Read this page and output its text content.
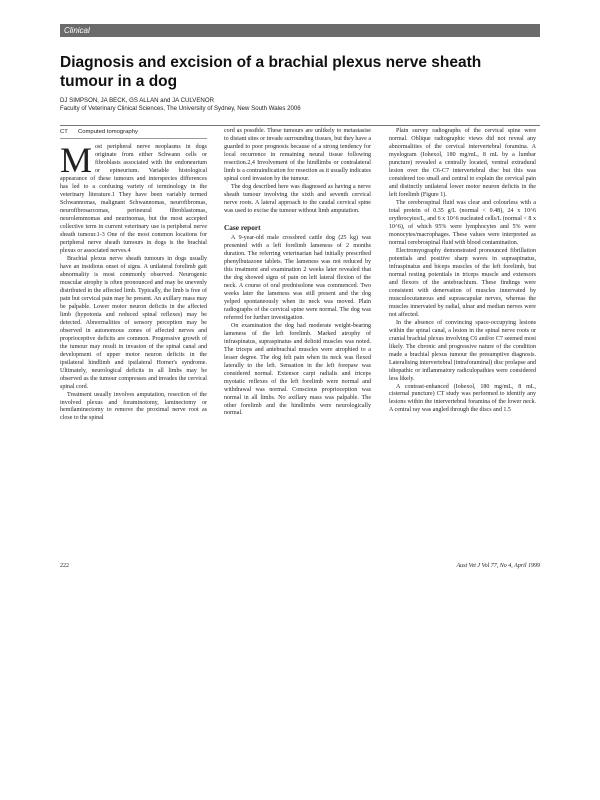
Clinical
Diagnosis and excision of a brachial plexus nerve sheath tumour in a dog
DJ SIMPSON, JA BECK, GS ALLAN and JA CULVENOR
Faculty of Veterinary Clinical Sciences, The University of Sydney, New South Wales 2006
CT Computed tomography

Most peripheral nerve neoplasms in dogs originate from either Schwann cells or fibroblasts associated with the endoneurium or epineurium. Variable histological appearance of these tumours and interspecies differences has led to a confusing variety of terminology in the veterinary literature.1 They have been variably termed Schwannomas, malignant Schwannomas, neurofibromas, neurofibrosarcomas, perineural fibroblastomas, neurolemmomas and neurinomas, but the most accepted collective term in current veterinary use is peripheral nerve sheath tumour.1-3 One of the most common locations for peripheral nerve sheath tumours in dogs is the brachial plexus or associated nerves.4

Brachial plexus nerve sheath tumours in dogs usually have an insidious onset of signs. A unilateral forelimb gait abnormality is most commonly observed. Neurogenic muscular atrophy is often pronounced and may be unevenly distributed in the affected limb. Typically, the limb is free of pain but cervical pain may be present. An axillary mass may be palpable. Lower motor neuron deficits in the affected limb (hypotonia and reduced spinal reflexes) may be detected. Abnormalities of sensory perception may be observed in autonomous zones of affected nerves and proprioceptive deficits are common. Progressive growth of the tumour may result in invasion of the spinal canal and development of upper motor neuron deficits in the ipsilateral hindlimb and ipsilateral Horner's syndrome. Ultimately, neurological deficits in all limbs may be observed as the tumour compresses and invades the cervical spinal cord.

Treatment usually involves amputation, resection of the involved plexus and foraminotomy, laminectomy or hemilaminectomy to remove the proximal nerve root as close to the spinal

cord as possible. These tumours are unlikely to metastasise to distant sites or invade surrounding tissues, but they have a guarded to poor prognosis because of a strong tendency for local recurrence in remaining neural tissue following resection.2,4 Involvement of the hindlimbs or contralateral limb is a contraindication for resection as it usually indicates spinal cord invasion by the tumour.

The dog described here was diagnosed as having a nerve sheath tumour involving the sixth and seventh cervical nerve roots. A lateral approach to the caudal cervical spine was used to excise the tumour without limb amputation.

Case report

A 9-year-old male crossbred cattle dog (25 kg) was presented with a left forelimb lameness of 2 months duration. The referring veterinarian had initially prescribed phenylbutazone tablets. The lameness was not reduced by this treatment and examination 2 weeks later revealed that the dog showed signs of pain on left lateral flexion of the neck. A course of oral prednisolone was commenced. Two weeks later the lameness was still present and the dog yelped spontaneously when its neck was moved. Plain radiographs of the cervical spine were normal. The dog was referred for further investigation.

On examination the dog had moderate weight-bearing lameness of the left forelimb. Marked atrophy of infraspinatus, supraspinatus and deltoid muscles was noted. The triceps and antebrachial muscles were atrophied to a lesser degree. The dog felt pain when its neck was flexed laterally to the left. Sensation in the left forepaw was considered normal. Extensor carpi radialis and triceps myotatic reflexes of the left forelimb were normal and withdrawal was normal. Conscious proprioception was normal in all limbs. No axillary mass was palpable. The other forelimb and the hindlimbs were neurologically normal.

Plain survey radiographs of the cervical spine were normal. Oblique radiographic views did not reveal any abnormalities of the cervical intervertebral foramina. A myelogram (Iohexol, 180 mg/mL, 8 mL by a lumbar puncture) revealed a centrally located, ventral extradural lesion over the C6-C7 intervertebral disc but this was considered too small and central to explain the cervical pain and distinctly unilateral lower motor neuron deficits in the left forelimb (Figure 1).

The cerebrospinal fluid was clear and colourless with a total protein of 0.35 g/L (normal < 0.48), 24 x 10^6 erythrocytes/L, and 6 x 10^6 nucleated cells/L (normal < 8 x 10^6), of which 95% were lymphocytes and 5% were monocytes/macrophages. These values were interpreted as normal cerebrospinal fluid with blood contamination.

Electromyography demonstrated pronounced fibrillation potentials and positive sharp waves in supraspinatus, infraspinatus and biceps muscles of the left forelimb, but normal resting potentials in triceps muscle and extensors and flexors of the antebrachium. These findings were consistent with denervation of muscles innervated by musculocutaneous and suprascapular nerves, whereas the muscles innervated by radial, ulnar and median nerves were not affected.

In the absence of convincing space-occupying lesions within the spinal canal, a lesion in the spinal nerve roots or cranial brachial plexus involving C6 and/or C7 seemed most likely. The chronic and progressive nature of the condition made a brachial plexus tumour the presumptive diagnosis. Lateralising intervertebral (intraforaminal) disc prolapse and idiopathic or inflammatory radiculopathies were considered less likely.

A contrast-enhanced (Iohexol, 180 mg/mL, 8 mL, cisternal puncture) CT study was performed to identify any lesions within the intervertebral foramina of the lower neck. A central ray was angled through the discs and 1.5

222	Aust Vet J Vol 77, No 4, April 1999
